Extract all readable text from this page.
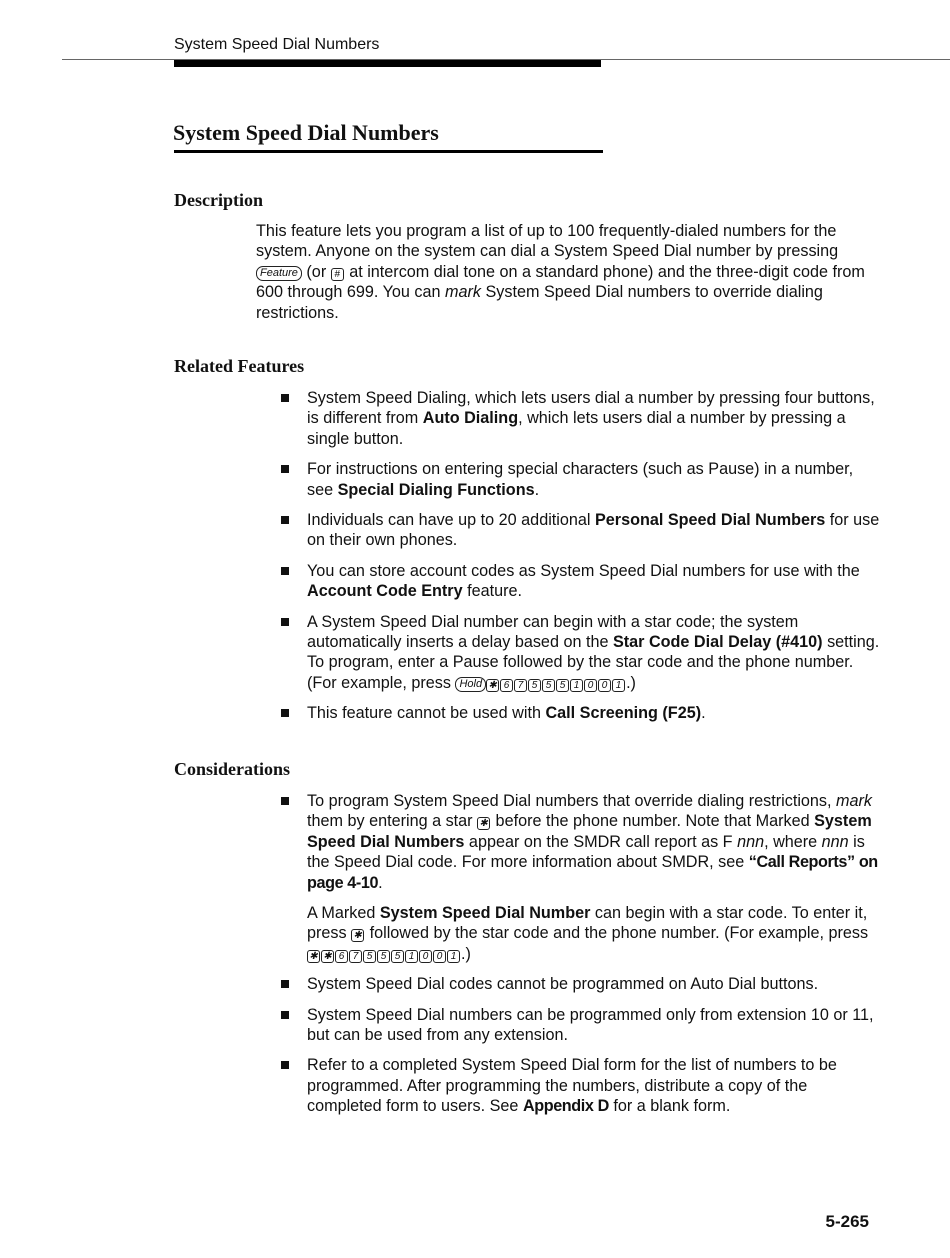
System Speed Dial Numbers
System Speed Dial Numbers
Description

This feature lets you program a list of up to 100 frequently-dialed numbers for the system. Anyone on the system can dial a System Speed Dial number by pressing Feature (or # at intercom dial tone on a standard phone) and the three-digit code from 600 through 699. You can mark System Speed Dial numbers to override dialing restrictions.

Related Features

System Speed Dialing, which lets users dial a number by pressing four buttons, is different from Auto Dialing, which lets users dial a number by pressing a single button.

For instructions on entering special characters (such as Pause) in a number, see Special Dialing Functions.

Individuals can have up to 20 additional Personal Speed Dial Numbers for use on their own phones.

You can store account codes as System Speed Dial numbers for use with the Account Code Entry feature.

A System Speed Dial number can begin with a star code; the system automatically inserts a delay based on the Star Code Dial Delay (#410) setting. To program, enter a Pause followed by the star code and the phone number. (For example, press Hold ✱ 6 7 5 5 5 1 0 0 1 .)

This feature cannot be used with Call Screening (F25).

Considerations

To program System Speed Dial numbers that override dialing restrictions, mark them by entering a star ✱ before the phone number. Note that Marked System Speed Dial Numbers appear on the SMDR call report as F nnn, where nnn is the Speed Dial code. For more information about SMDR, see “Call Reports” on page 4-10.

A Marked System Speed Dial Number can begin with a star code. To enter it, press ✱ followed by the star code and the phone number. (For example, press ✱ ✱ 6 7 5 5 5 1 0 0 1 .)

System Speed Dial codes cannot be programmed on Auto Dial buttons.

System Speed Dial numbers can be programmed only from extension 10 or 11, but can be used from any extension.

Refer to a completed System Speed Dial form for the list of numbers to be programmed. After programming the numbers, distribute a copy of the completed form to users. See Appendix D for a blank form.

5-265
